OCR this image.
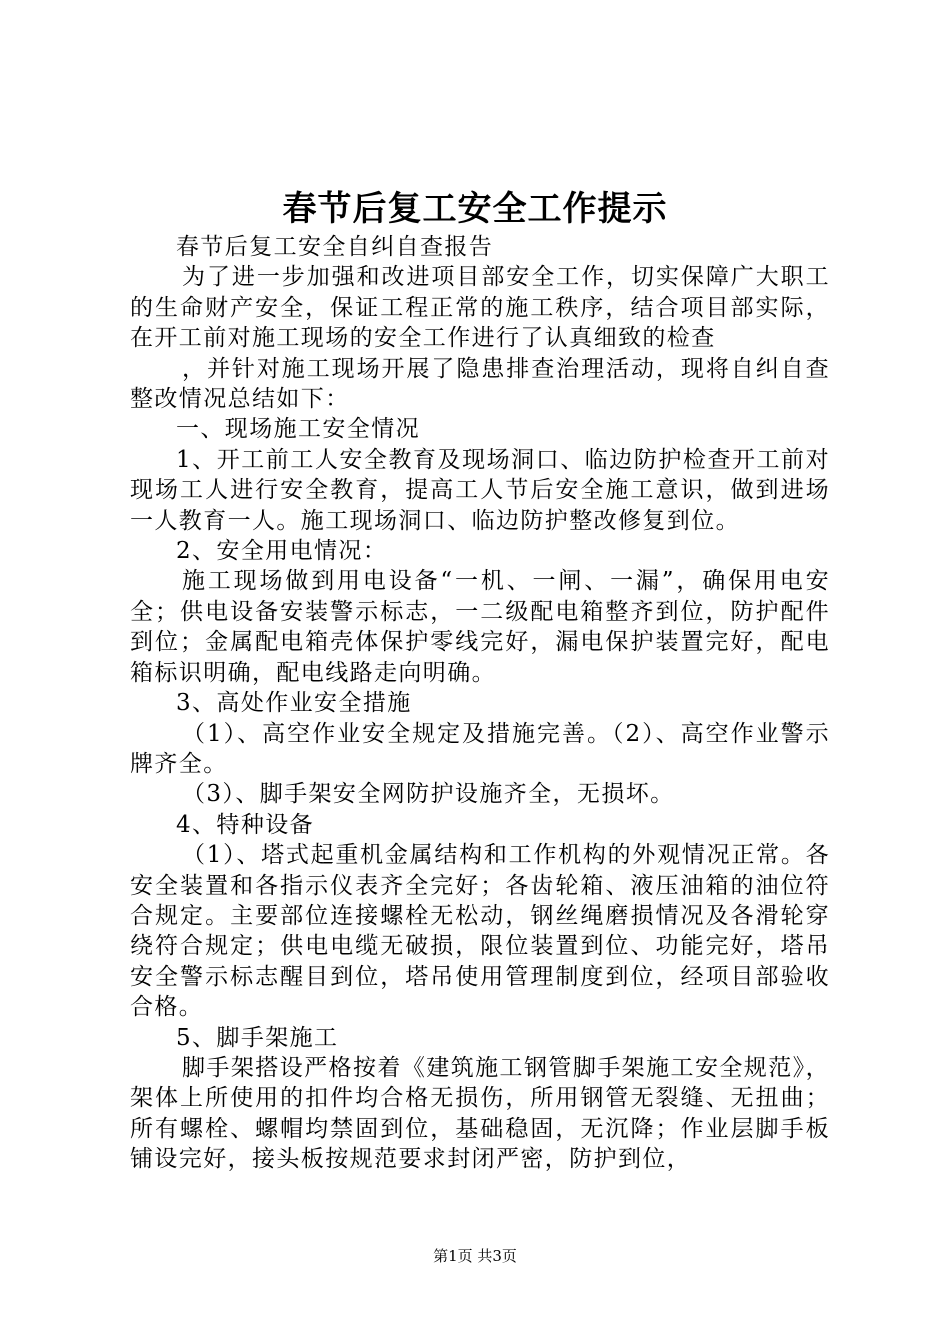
春节后复工安全工作提示

春节后复工安全自纠自查报告

为了进一步加强和改进项目部安全工作，切实保障广大职工的生命财产安全，保证工程正常的施工秩序，结合项目部实际，在开工前对施工现场的安全工作进行了认真细致的检查

，并针对施工现场开展了隐患排查治理活动，现将自纠自查整改情况总结如下：

一、现场施工安全情况

1、开工前工人安全教育及现场洞口、临边防护检查开工前对现场工人进行安全教育，提高工人节后安全施工意识，做到进场一人教育一人。施工现场洞口、临边防护整改修复到位。

2、安全用电情况：

施工现场做到用电设备“一机、一闸、一漏”，确保用电安全；供电设备安装警示标志，一二级配电箱整齐到位，防护配件到位；金属配电箱壳体保护零线完好，漏电保护装置完好，配电箱标识明确，配电线路走向明确。

3、高处作业安全措施

（1）、高空作业安全规定及措施完善。（2）、高空作业警示牌齐全。

（3）、脚手架安全网防护设施齐全，无损坏。

4、特种设备

（1）、塔式起重机金属结构和工作机构的外观情况正常。各安全装置和各指示仪表齐全完好；各齿轮箱、液压油箱的油位符合规定。主要部位连接螺栓无松动，钢丝绳磨损情况及各滑轮穿绕符合规定；供电电缆无破损，限位装置到位、功能完好，塔吊安全警示标志醒目到位，塔吊使用管理制度到位，经项目部验收合格。

5、脚手架施工

脚手架搭设严格按着《建筑施工钢管脚手架施工安全规范》，架体上所使用的扣件均合格无损伤，所用钢管无裂缝、无扭曲；所有螺栓、螺帽均禁固到位，基础稳固，无沉降；作业层脚手板铺设完好，接头板按规范要求封闭严密，防护到位，

第1页 共3页
